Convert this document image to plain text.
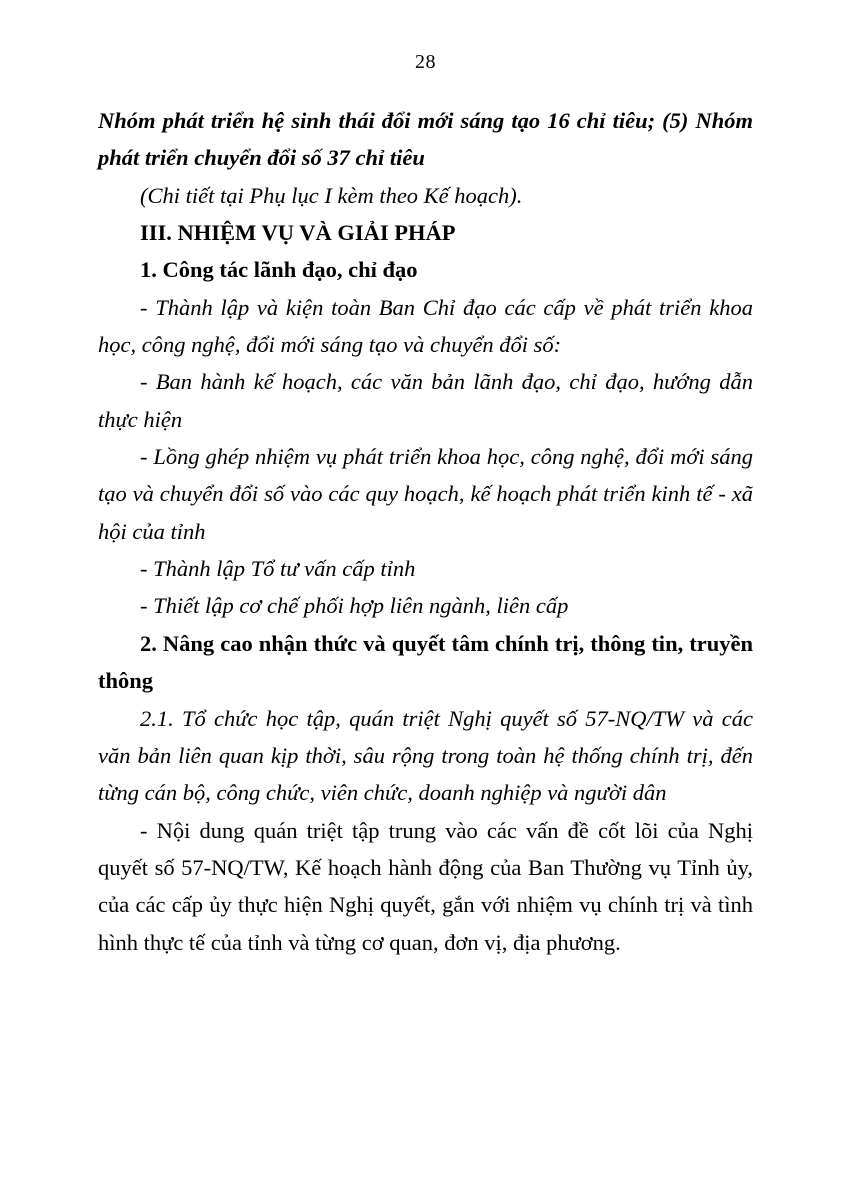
28

Nhóm phát triển hệ sinh thái đổi mới sáng tạo 16 chỉ tiêu; (5) Nhóm phát triển chuyển đổi số 37 chỉ tiêu

(Chi tiết tại Phụ lục I kèm theo Kế hoạch).

III. NHIỆM VỤ VÀ GIẢI PHÁP

1. Công tác lãnh đạo, chỉ đạo

- Thành lập và kiện toàn Ban Chỉ đạo các cấp về phát triển khoa học, công nghệ, đổi mới sáng tạo và chuyển đổi số:

- Ban hành kế hoạch, các văn bản lãnh đạo, chỉ đạo, hướng dẫn thực hiện

- Lồng ghép nhiệm vụ phát triển khoa học, công nghệ, đổi mới sáng tạo và chuyển đổi số vào các quy hoạch, kế hoạch phát triển kinh tế - xã hội của tỉnh

- Thành lập Tổ tư vấn cấp tỉnh

- Thiết lập cơ chế phối hợp liên ngành, liên cấp

2. Nâng cao nhận thức và quyết tâm chính trị, thông tin, truyền thông

2.1. Tổ chức học tập, quán triệt Nghị quyết số 57-NQ/TW và các văn bản liên quan kịp thời, sâu rộng trong toàn hệ thống chính trị, đến từng cán bộ, công chức, viên chức, doanh nghiệp và người dân

- Nội dung quán triệt tập trung vào các vấn đề cốt lõi của Nghị quyết số 57-NQ/TW, Kế hoạch hành động của Ban Thường vụ Tỉnh ủy, của các cấp ủy thực hiện Nghị quyết, gắn với nhiệm vụ chính trị và tình hình thực tế của tỉnh và từng cơ quan, đơn vị, địa phương.
